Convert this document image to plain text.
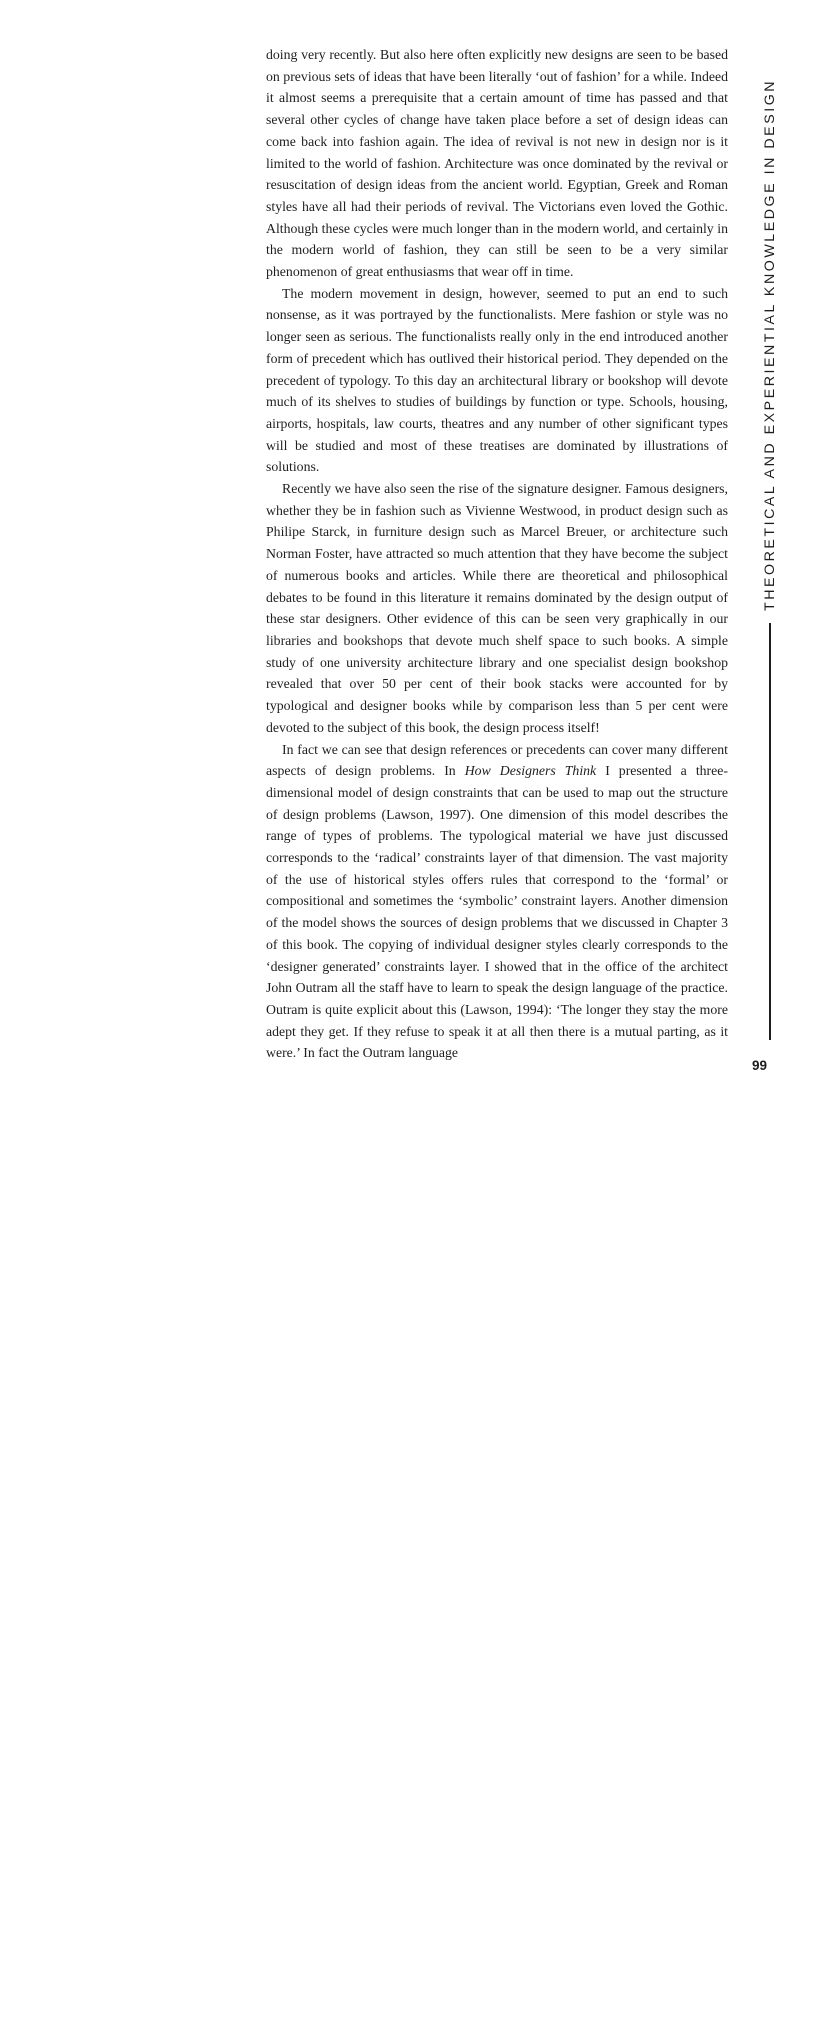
doing very recently. But also here often explicitly new designs are seen to be based on previous sets of ideas that have been literally ‘out of fashion’ for a while. Indeed it almost seems a prerequisite that a certain amount of time has passed and that several other cycles of change have taken place before a set of design ideas can come back into fashion again. The idea of revival is not new in design nor is it limited to the world of fashion. Architecture was once dominated by the revival or resuscitation of design ideas from the ancient world. Egyptian, Greek and Roman styles have all had their periods of revival. The Victorians even loved the Gothic. Although these cycles were much longer than in the modern world, and certainly in the modern world of fashion, they can still be seen to be a very similar phenomenon of great enthusiasms that wear off in time.

The modern movement in design, however, seemed to put an end to such nonsense, as it was portrayed by the functionalists. Mere fashion or style was no longer seen as serious. The functionalists really only in the end introduced another form of precedent which has outlived their historical period. They depended on the precedent of typology. To this day an architectural library or bookshop will devote much of its shelves to studies of buildings by function or type. Schools, housing, airports, hospitals, law courts, theatres and any number of other significant types will be studied and most of these treatises are dominated by illustrations of solutions.

Recently we have also seen the rise of the signature designer. Famous designers, whether they be in fashion such as Vivienne Westwood, in product design such as Philipe Starck, in furniture design such as Marcel Breuer, or architecture such Norman Foster, have attracted so much attention that they have become the subject of numerous books and articles. While there are theoretical and philosophical debates to be found in this literature it remains dominated by the design output of these star designers. Other evidence of this can be seen very graphically in our libraries and bookshops that devote much shelf space to such books. A simple study of one university architecture library and one specialist design bookshop revealed that over 50 per cent of their book stacks were accounted for by typological and designer books while by comparison less than 5 per cent were devoted to the subject of this book, the design process itself!

In fact we can see that design references or precedents can cover many different aspects of design problems. In How Designers Think I presented a three-dimensional model of design constraints that can be used to map out the structure of design problems (Lawson, 1997). One dimension of this model describes the range of types of problems. The typological material we have just discussed corresponds to the ‘radical’ constraints layer of that dimension. The vast majority of the use of historical styles offers rules that correspond to the ‘formal’ or compositional and sometimes the ‘symbolic’ constraint layers. Another dimension of the model shows the sources of design problems that we discussed in Chapter 3 of this book. The copying of individual designer styles clearly corresponds to the ‘designer generated’ constraints layer. I showed that in the office of the architect John Outram all the staff have to learn to speak the design language of the practice. Outram is quite explicit about this (Lawson, 1994): ‘The longer they stay the more adept they get. If they refuse to speak it at all then there is a mutual parting, as it were.’ In fact the Outram language

THEORETICAL AND EXPERIENTIAL KNOWLEDGE IN DESIGN
99
